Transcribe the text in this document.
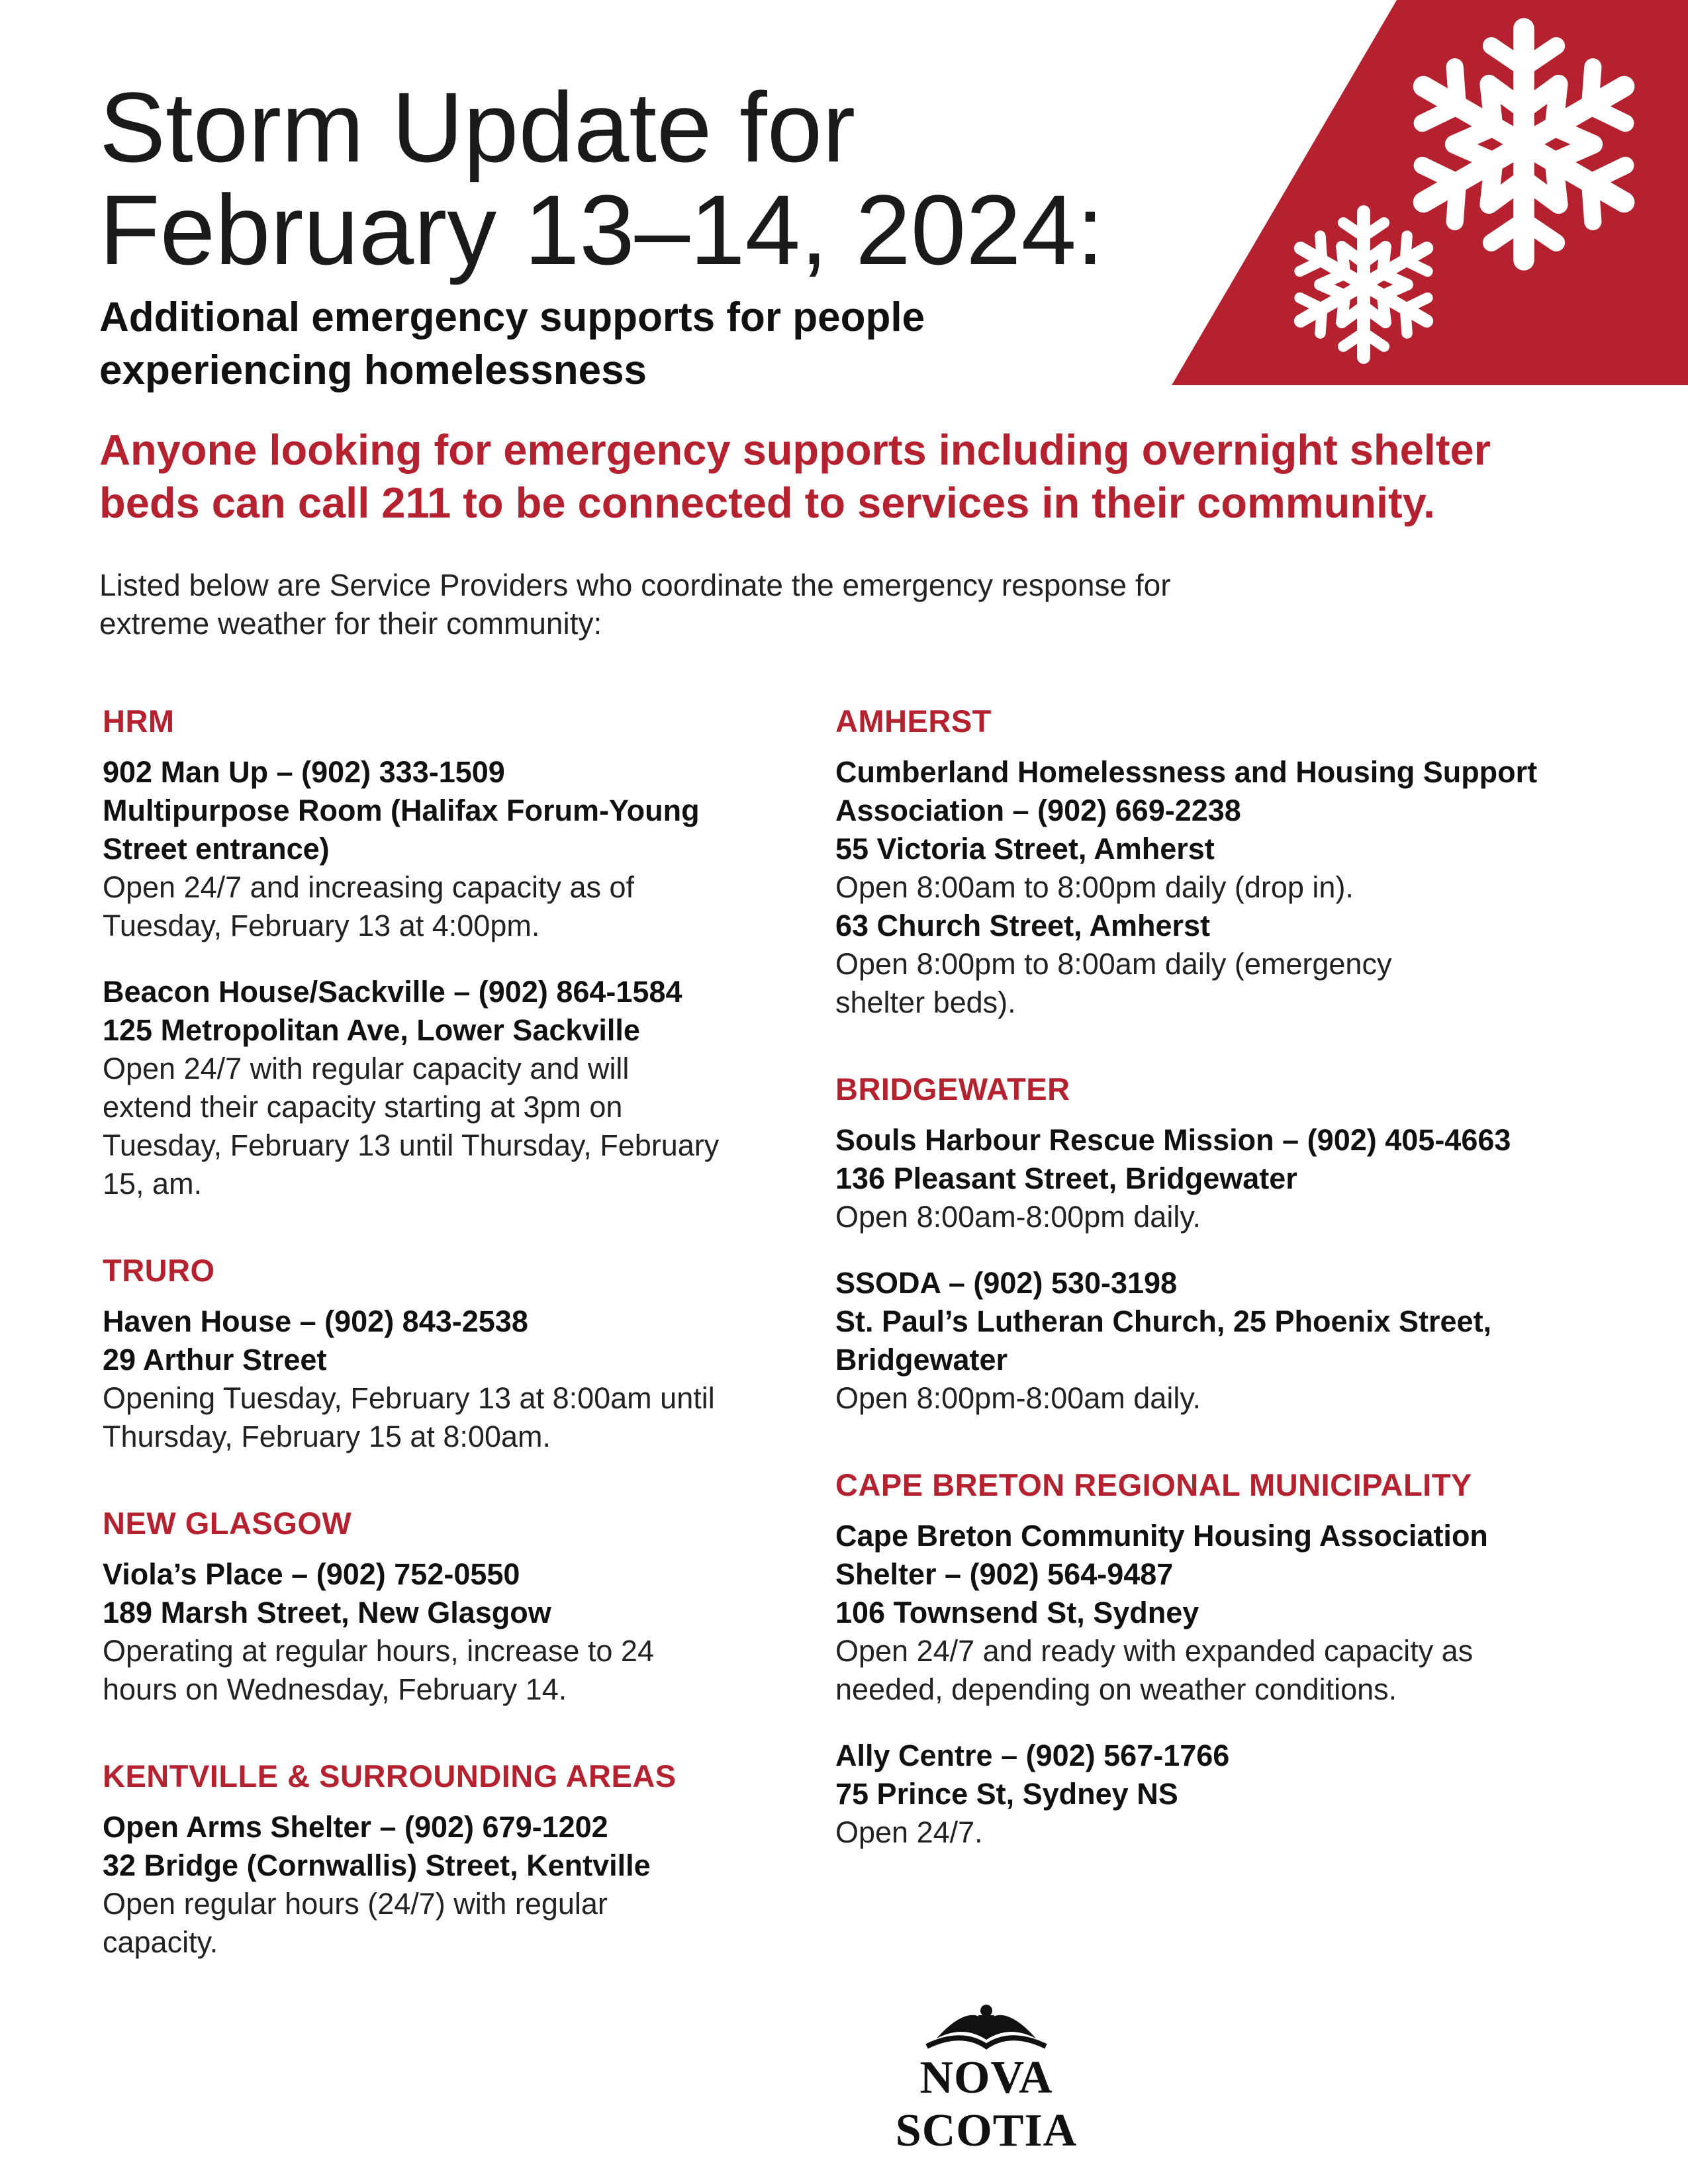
Storm Update for
February 13–14, 2024:
Additional emergency supports for people
experiencing homelessness

Anyone looking for emergency supports including overnight shelter
beds can call 211 to be connected to services in their community.

Listed below are Service Providers who coordinate the emergency response for
extreme weather for their community:

HRM
902 Man Up – (902) 333-1509
Multipurpose Room (Halifax Forum-Young
Street entrance)
Open 24/7 and increasing capacity as of
Tuesday, February 13 at 4:00pm.
Beacon House/Sackville – (902) 864-1584
125 Metropolitan Ave, Lower Sackville
Open 24/7 with regular capacity and will
extend their capacity starting at 3pm on
Tuesday, February 13 until Thursday, February
15, am.
TRURO
Haven House – (902) 843-2538
29 Arthur Street
Opening Tuesday, February 13 at 8:00am until
Thursday, February 15 at 8:00am.
NEW GLASGOW
Viola’s Place – (902) 752-0550
189 Marsh Street, New Glasgow
Operating at regular hours, increase to 24
hours on Wednesday, February 14.
KENTVILLE & SURROUNDING AREAS
Open Arms Shelter – (902) 679-1202
32 Bridge (Cornwallis) Street, Kentville
Open regular hours (24/7) with regular
capacity.
AMHERST
Cumberland Homelessness and Housing Support
Association – (902) 669-2238
55 Victoria Street, Amherst
Open 8:00am to 8:00pm daily (drop in).
63 Church Street, Amherst
Open 8:00pm to 8:00am daily (emergency
shelter beds).
BRIDGEWATER
Souls Harbour Rescue Mission – (902) 405-4663
136 Pleasant Street, Bridgewater
Open 8:00am-8:00pm daily.
SSODA – (902) 530-3198
St. Paul’s Lutheran Church, 25 Phoenix Street,
Bridgewater
Open 8:00pm-8:00am daily.
CAPE BRETON REGIONAL MUNICIPALITY
Cape Breton Community Housing Association
Shelter – (902) 564-9487
106 Townsend St, Sydney
Open 24/7 and ready with expanded capacity as
needed, depending on weather conditions.
Ally Centre – (902) 567-1766
75 Prince St, Sydney NS
Open 24/7.
NOVA SCOTIA
